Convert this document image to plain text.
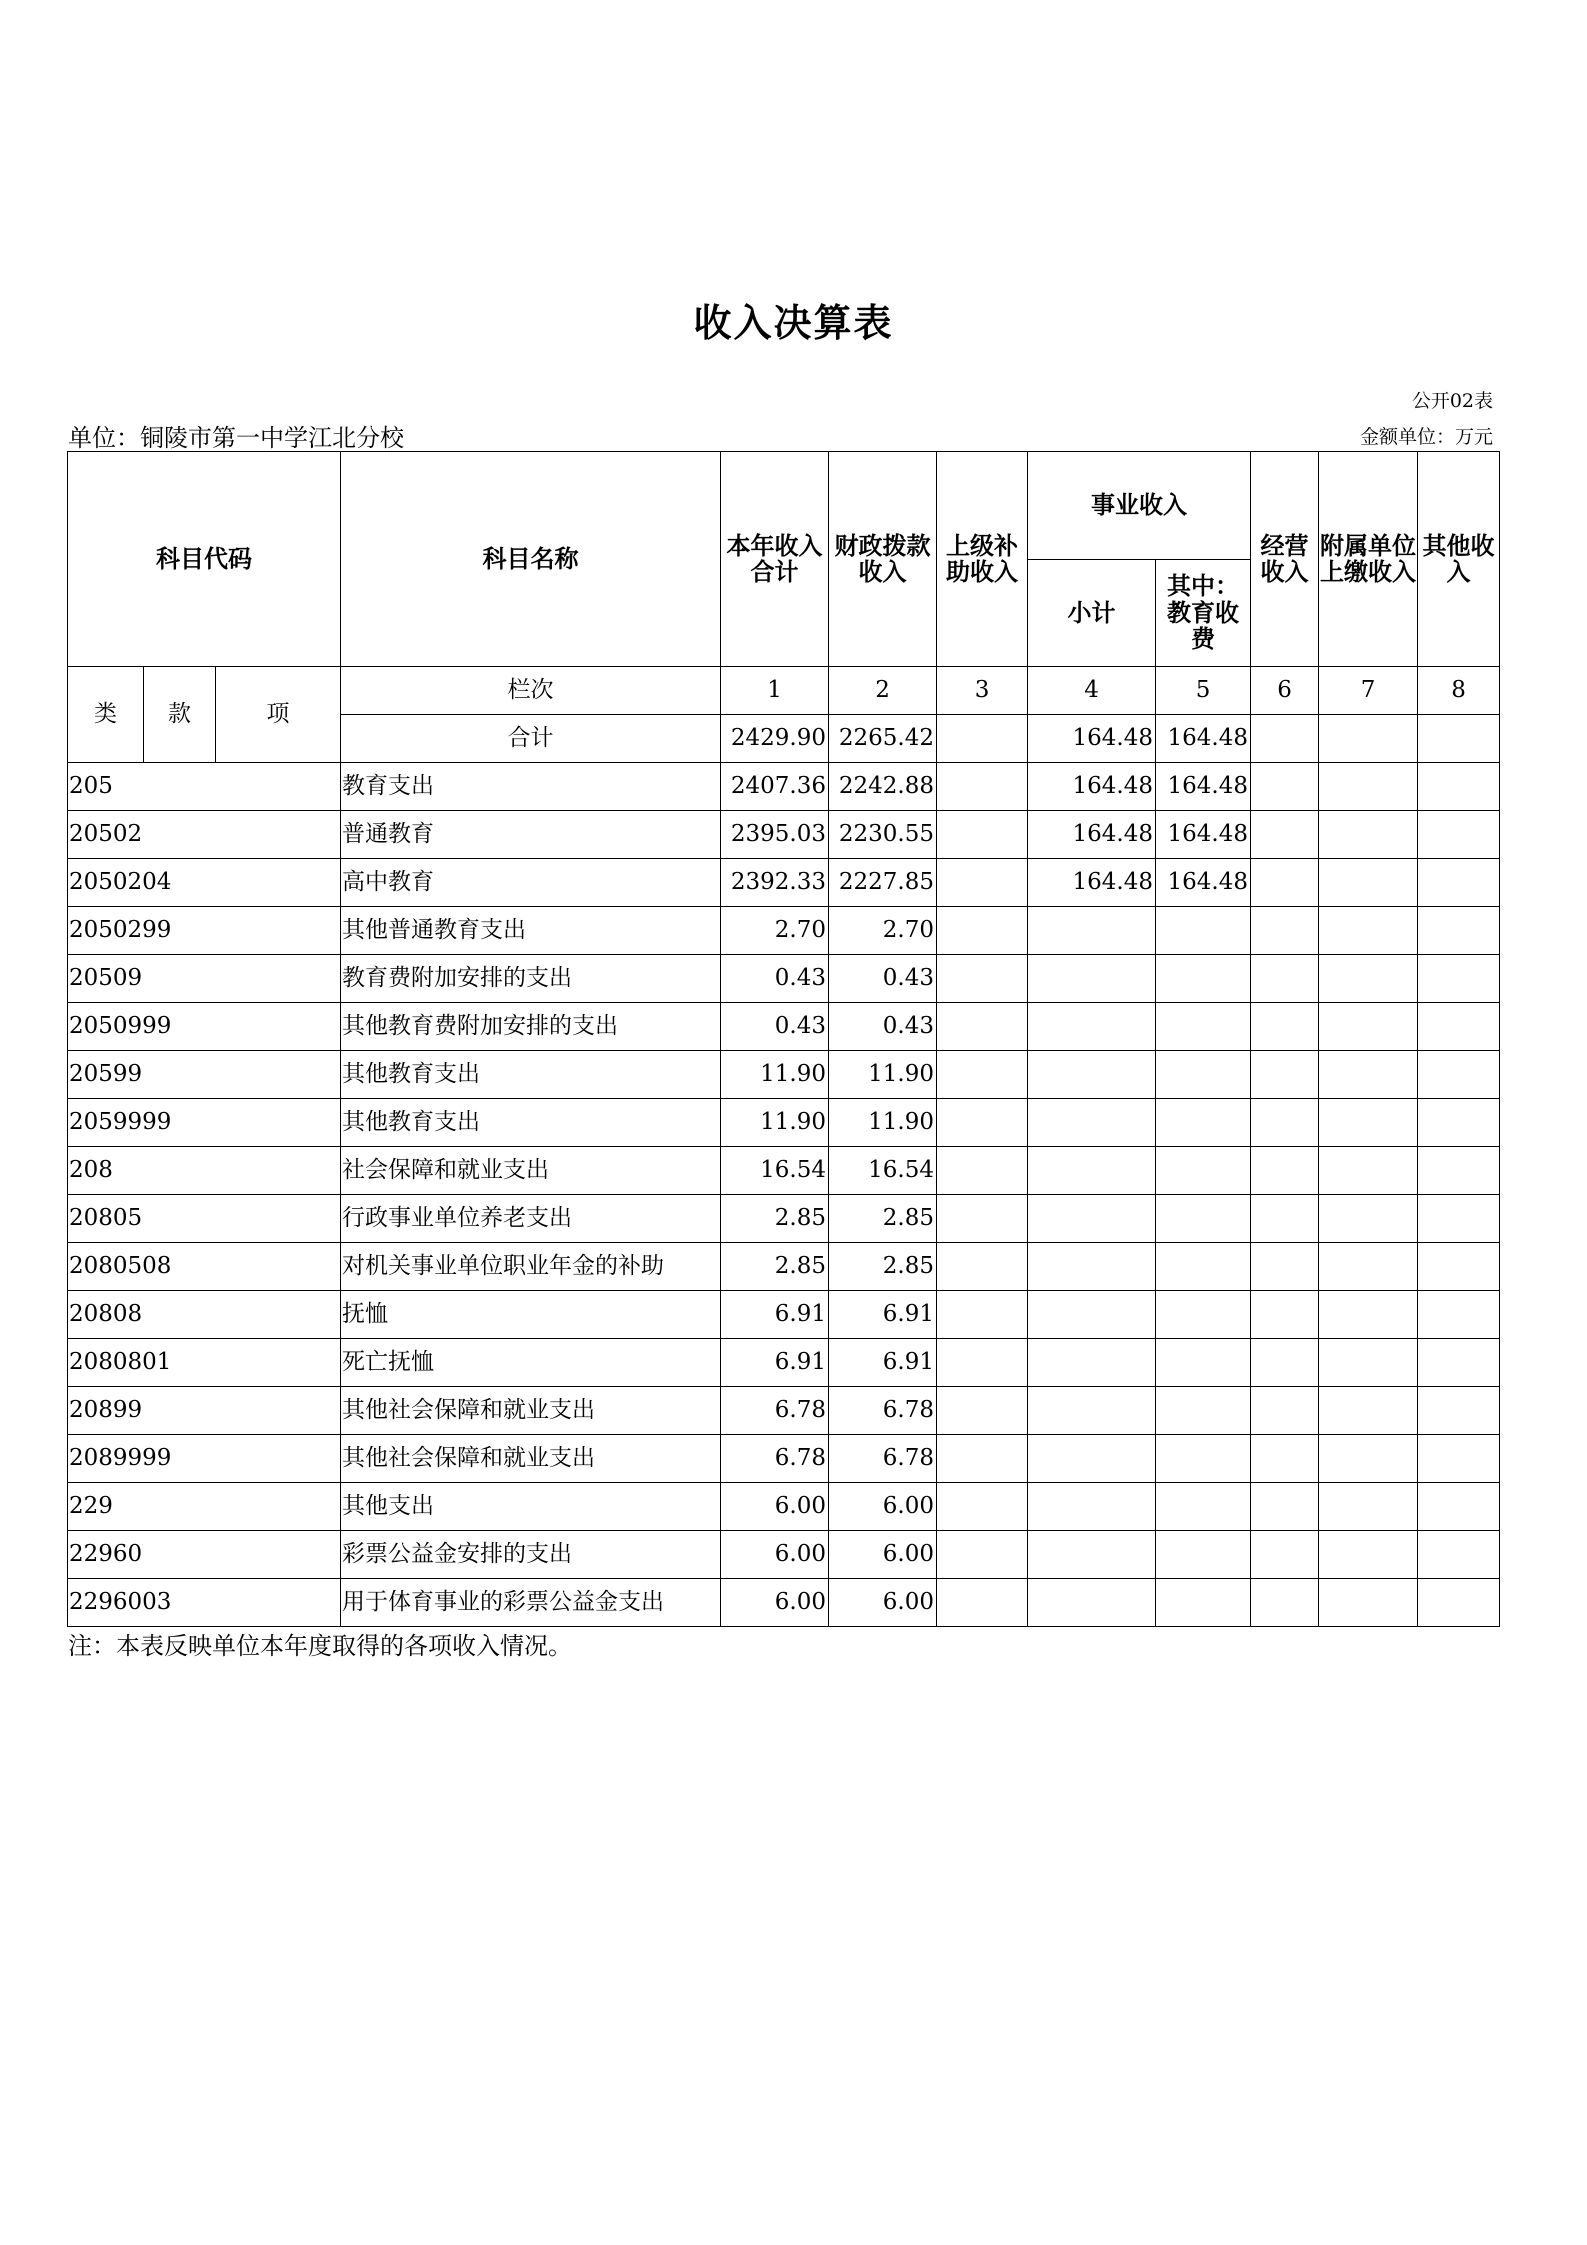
收入决算表
公开02表
单位：铜陵市第一中学江北分校	金额单位：万元
科目代码			科目名称	本年收入合计	财政拨款收入	上级补助收入	事业收入		经营收入	附属单位上缴收入	其他收入
							小计	其中：教育收费			
类	款	项	栏次	1	2	3	4	5	6	7	8
			合计	2429.90	2265.42		164.48	164.48			
205			教育支出	2407.36	2242.88		164.48	164.48			
20502			普通教育	2395.03	2230.55		164.48	164.48			
2050204			高中教育	2392.33	2227.85		164.48	164.48			
2050299			其他普通教育支出	2.70	2.70						
20509			教育费附加安排的支出	0.43	0.43						
2050999			其他教育费附加安排的支出	0.43	0.43						
20599			其他教育支出	11.90	11.90						
2059999			其他教育支出	11.90	11.90						
208			社会保障和就业支出	16.54	16.54						
20805			行政事业单位养老支出	2.85	2.85						
2080508			对机关事业单位职业年金的补助	2.85	2.85						
20808			抚恤	6.91	6.91						
2080801			死亡抚恤	6.91	6.91						
20899			其他社会保障和就业支出	6.78	6.78						
2089999			其他社会保障和就业支出	6.78	6.78						
229			其他支出	6.00	6.00						
22960			彩票公益金安排的支出	6.00	6.00						
2296003			用于体育事业的彩票公益金支出	6.00	6.00						
注：本表反映单位本年度取得的各项收入情况。
